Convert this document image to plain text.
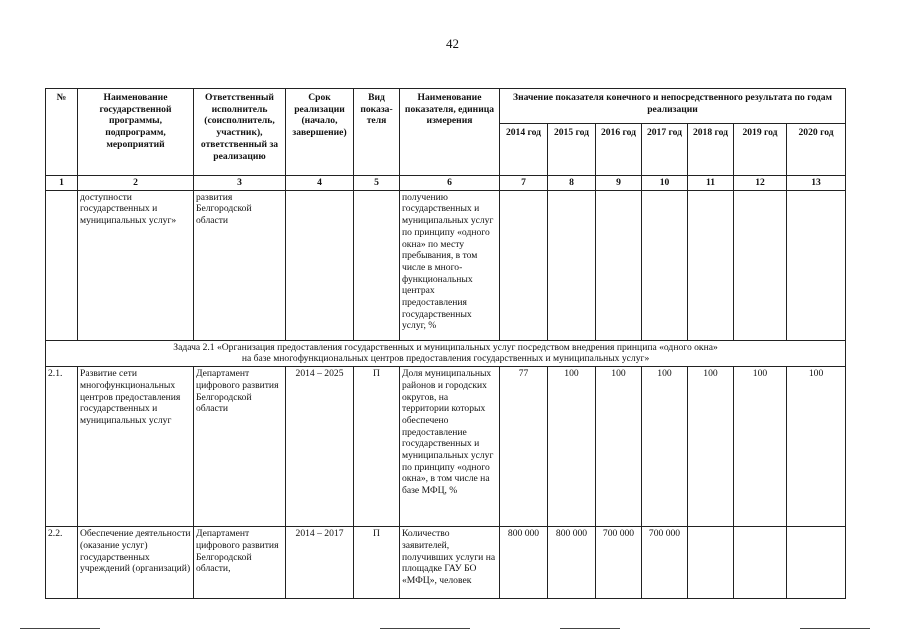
42
№	Наименование государственной программы, подпрограмм, мероприятий	Ответственный исполнитель (соисполнитель, участник), ответственный за реализацию	Срок реализации (начало, завершение)	Вид показа-теля	Наименование показателя, единица измерения	Значение показателя конечного и непосредственного результата по годам реализации						
						2014 год	2015 год	2016 год	2017 год	2018 год	2019 год	2020 год
1	2	3	4	5	6	7	8	9	10	11	12	13
	доступности государственных и муниципальных услуг»	развития Белгородской области			получению государственных и муниципальных услуг по принципу «одного окна» по месту пребывания, в том числе в много-функциональных центрах предоставления государственных услуг, %							

Задача 2.1 «Организация предоставления государственных и муниципальных услуг посредством внедрения принципа «одного окна»
на базе многофункциональных центров предоставления государственных и муниципальных услуг»												

2.1.	Развитие сети многофункциональных центров предоставления государственных и муниципальных услуг	Департамент цифрового развития Белгородской области	2014 – 2025	П	Доля муниципальных районов и городских округов, на территории которых обеспечено предоставление государственных и муниципальных услуг по принципу «одного окна», в том числе на базе МФЦ, %	77	100	100	100	100	100	100
2.2.	Обеспечение деятельности (оказание услуг) государственных учреждений (организаций)	Департамент цифрового развития Белгородской области,	2014 – 2017	П	Количество заявителей, получивших услуги на площадке ГАУ БО «МФЦ», человек	800 000	800 000	700 000	700 000			
